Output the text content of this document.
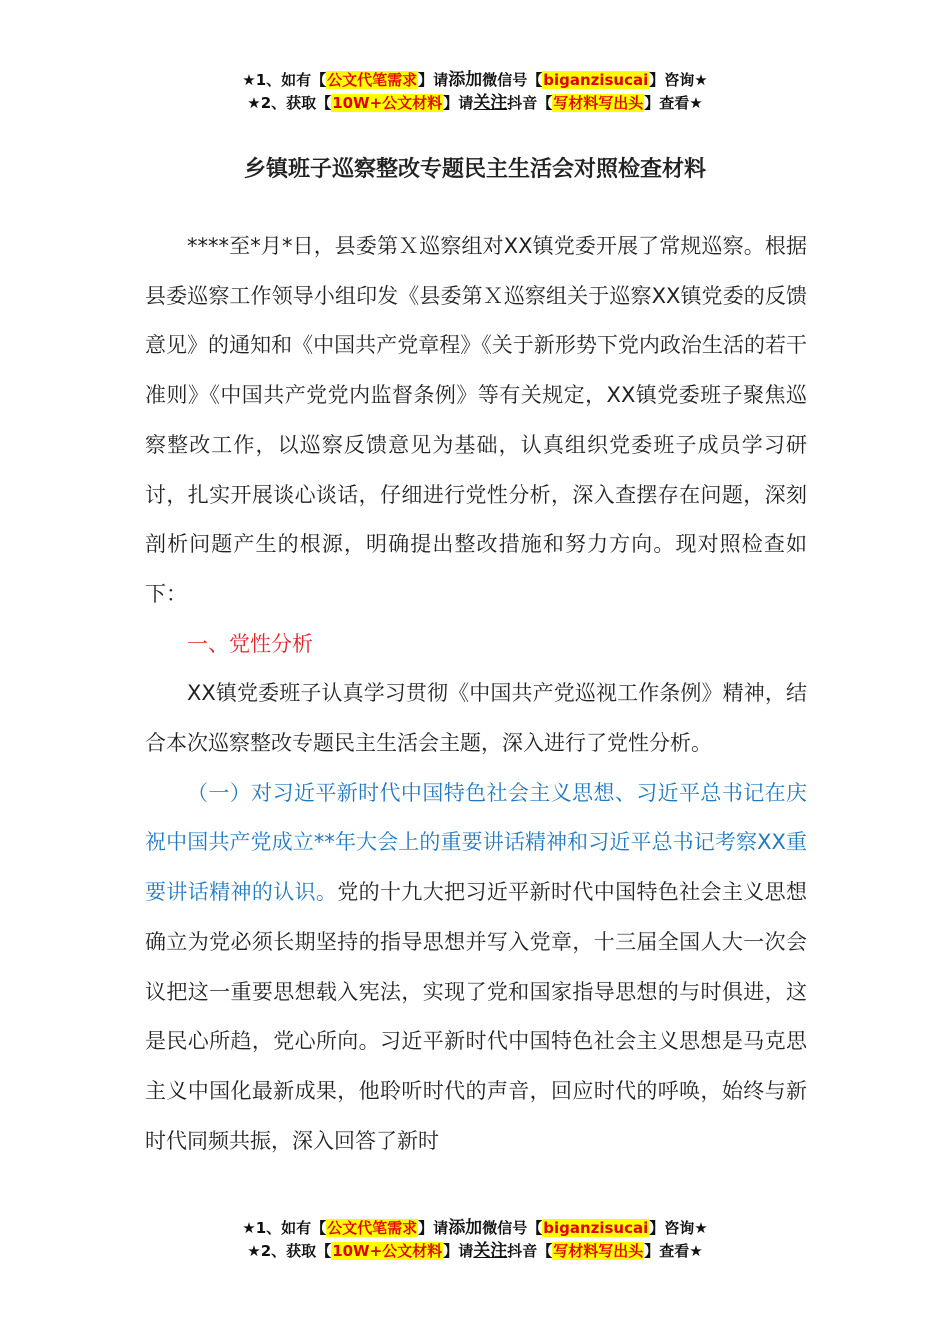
★1、如有【公文代笔需求】请添加微信号【biganzisucai】咨询★
★2、获取【10W+公文材料】请关注抖音【写材料写出头】查看★
乡镇班子巡察整改专题民主生活会对照检查材料

****至*月*日，县委第Ｘ巡察组对XX镇党委开展了常规巡察。根据县委巡察工作领导小组印发《县委第Ｘ巡察组关于巡察XX镇党委的反馈意见》的通知和《中国共产党章程》《关于新形势下党内政治生活的若干准则》《中国共产党党内监督条例》等有关规定，XX镇党委班子聚焦巡察整改工作，以巡察反馈意见为基础，认真组织党委班子成员学习研讨，扎实开展谈心谈话，仔细进行党性分析，深入查摆存在问题，深刻剖析问题产生的根源，明确提出整改措施和努力方向。现对照检查如下：

一、党性分析

XX镇党委班子认真学习贯彻《中国共产党巡视工作条例》精神，结合本次巡察整改专题民主生活会主题，深入进行了党性分析。

（一）对习近平新时代中国特色社会主义思想、习近平总书记在庆祝中国共产党成立**年大会上的重要讲话精神和习近平总书记考察XX重要讲话精神的认识。党的十九大把习近平新时代中国特色社会主义思想确立为党必须长期坚持的指导思想并写入党章，十三届全国人大一次会议把这一重要思想载入宪法，实现了党和国家指导思想的与时俱进，这是民心所趋，党心所向。习近平新时代中国特色社会主义思想是马克思主义中国化最新成果，他聆听时代的声音，回应时代的呼唤，始终与新时代同频共振，深入回答了新时

★1、如有【公文代笔需求】请添加微信号【biganzisucai】咨询★
★2、获取【10W+公文材料】请关注抖音【写材料写出头】查看★
